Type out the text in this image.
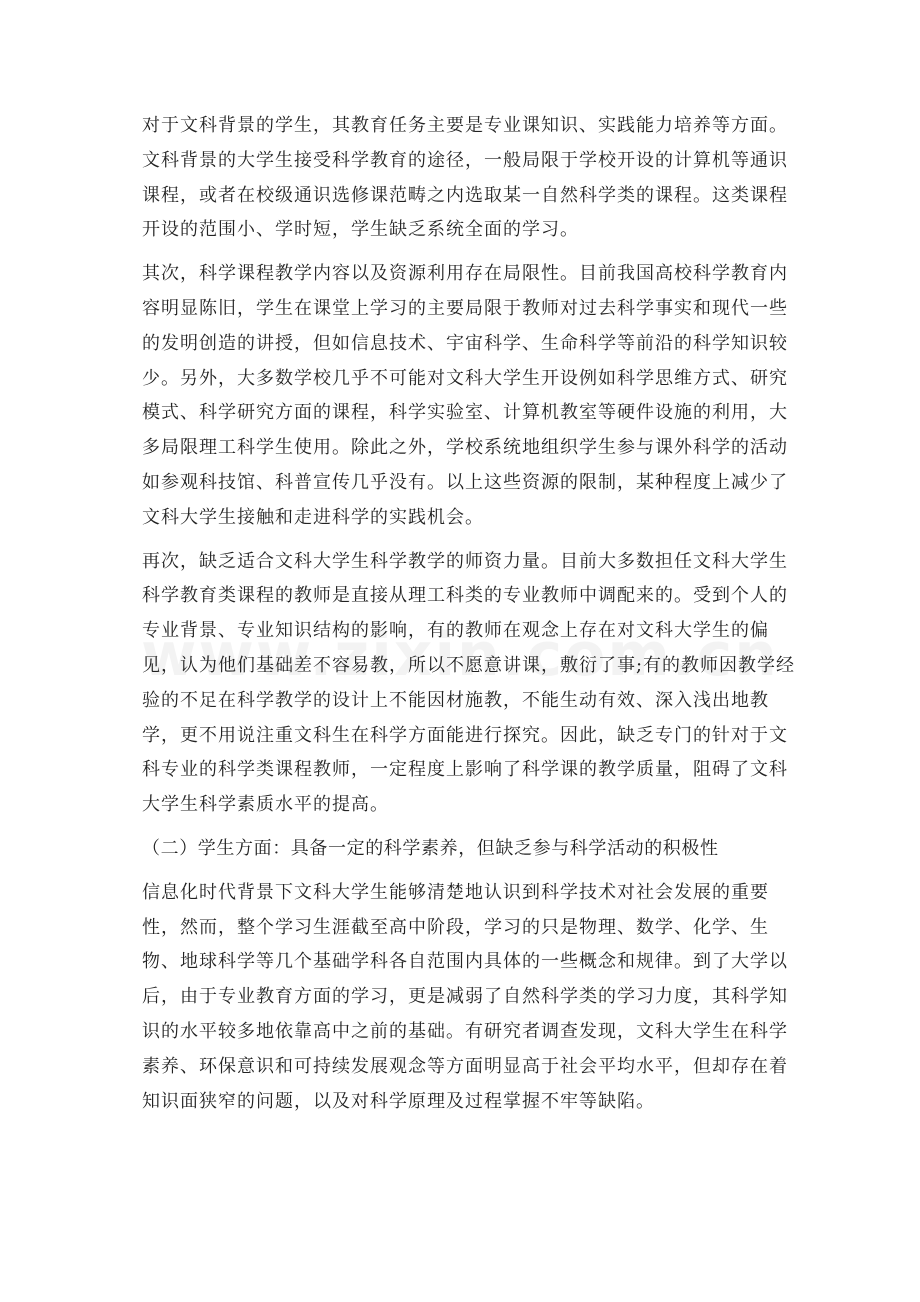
对于文科背景的学生，其教育任务主要是专业课知识、实践能力培养等方面。
文科背景的大学生接受科学教育的途径，一般局限于学校开设的计算机等通识
课程，或者在校级通识选修课范畴之内选取某一自然科学类的课程。这类课程
开设的范围小、学时短，学生缺乏系统全面的学习。
其次，科学课程教学内容以及资源利用存在局限性。目前我国高校科学教育内
容明显陈旧，学生在课堂上学习的主要局限于教师对过去科学事实和现代一些
的发明创造的讲授，但如信息技术、宇宙科学、生命科学等前沿的科学知识较
少。另外，大多数学校几乎不可能对文科大学生开设例如科学思维方式、研究
模式、科学研究方面的课程，科学实验室、计算机教室等硬件设施的利用，大
多局限理工科学生使用。除此之外，学校系统地组织学生参与课外科学的活动
如参观科技馆、科普宣传几乎没有。以上这些资源的限制，某种程度上减少了
文科大学生接触和走进科学的实践机会。
再次，缺乏适合文科大学生科学教学的师资力量。目前大多数担任文科大学生
科学教育类课程的教师是直接从理工科类的专业教师中调配来的。受到个人的
专业背景、专业知识结构的影响，有的教师在观念上存在对文科大学生的偏
见，认为他们基础差不容易教，所以不愿意讲课，敷衍了事;有的教师因教学经
验的不足在科学教学的设计上不能因材施教，不能生动有效、深入浅出地教
学，更不用说注重文科生在科学方面能进行探究。因此，缺乏专门的针对于文
科专业的科学类课程教师，一定程度上影响了科学课的教学质量，阻碍了文科
大学生科学素质水平的提高。
（二）学生方面：具备一定的科学素养，但缺乏参与科学活动的积极性
信息化时代背景下文科大学生能够清楚地认识到科学技术对社会发展的重要
性，然而，整个学习生涯截至高中阶段，学习的只是物理、数学、化学、生
物、地球科学等几个基础学科各自范围内具体的一些概念和规律。到了大学以
后，由于专业教育方面的学习，更是减弱了自然科学类的学习力度，其科学知
识的水平较多地依靠高中之前的基础。有研究者调查发现，文科大学生在科学
素养、环保意识和可持续发展观念等方面明显高于社会平均水平，但却存在着
知识面狭窄的问题，以及对科学原理及过程掌握不牢等缺陷。
